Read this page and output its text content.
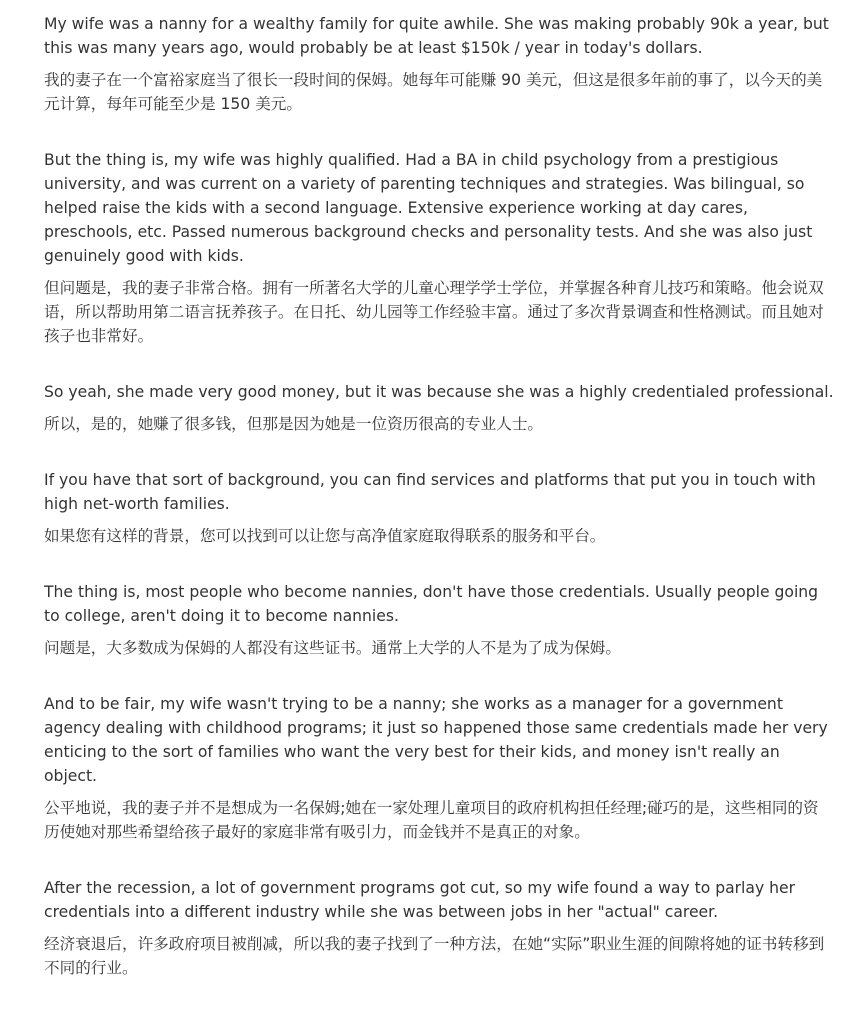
My wife was a nanny for a wealthy family for quite awhile. She was making probably 90k a year, but this was many years ago, would probably be at least $150k / year in today's dollars.

我的妻子在一个富裕家庭当了很长一段时间的保姆。她每年可能赚 90 美元，但这是很多年前的事了，以今天的美元计算，每年可能至少是 150 美元。

But the thing is, my wife was highly qualified. Had a BA in child psychology from a prestigious university, and was current on a variety of parenting techniques and strategies. Was bilingual, so helped raise the kids with a second language. Extensive experience working at day cares, preschools, etc. Passed numerous background checks and personality tests. And she was also just genuinely good with kids.

但问题是，我的妻子非常合格。拥有一所著名大学的儿童心理学学士学位，并掌握各种育儿技巧和策略。他会说双语，所以帮助用第二语言抚养孩子。在日托、幼儿园等工作经验丰富。通过了多次背景调查和性格测试。而且她对孩子也非常好。

So yeah, she made very good money, but it was because she was a highly credentialed professional.

所以，是的，她赚了很多钱，但那是因为她是一位资历很高的专业人士。

If you have that sort of background, you can find services and platforms that put you in touch with high net-worth families.

如果您有这样的背景，您可以找到可以让您与高净值家庭取得联系的服务和平台。

The thing is, most people who become nannies, don't have those credentials. Usually people going to college, aren't doing it to become nannies.

问题是，大多数成为保姆的人都没有这些证书。通常上大学的人不是为了成为保姆。

And to be fair, my wife wasn't trying to be a nanny; she works as a manager for a government agency dealing with childhood programs; it just so happened those same credentials made her very enticing to the sort of families who want the very best for their kids, and money isn't really an object.

公平地说，我的妻子并不是想成为一名保姆;她在一家处理儿童项目的政府机构担任经理;碰巧的是，这些相同的资历使她对那些希望给孩子最好的家庭非常有吸引力，而金钱并不是真正的对象。

After the recession, a lot of government programs got cut, so my wife found a way to parlay her credentials into a different industry while she was between jobs in her "actual" career.

经济衰退后，许多政府项目被削减，所以我的妻子找到了一种方法，在她“实际”职业生涯的间隙将她的证书转移到不同的行业。
